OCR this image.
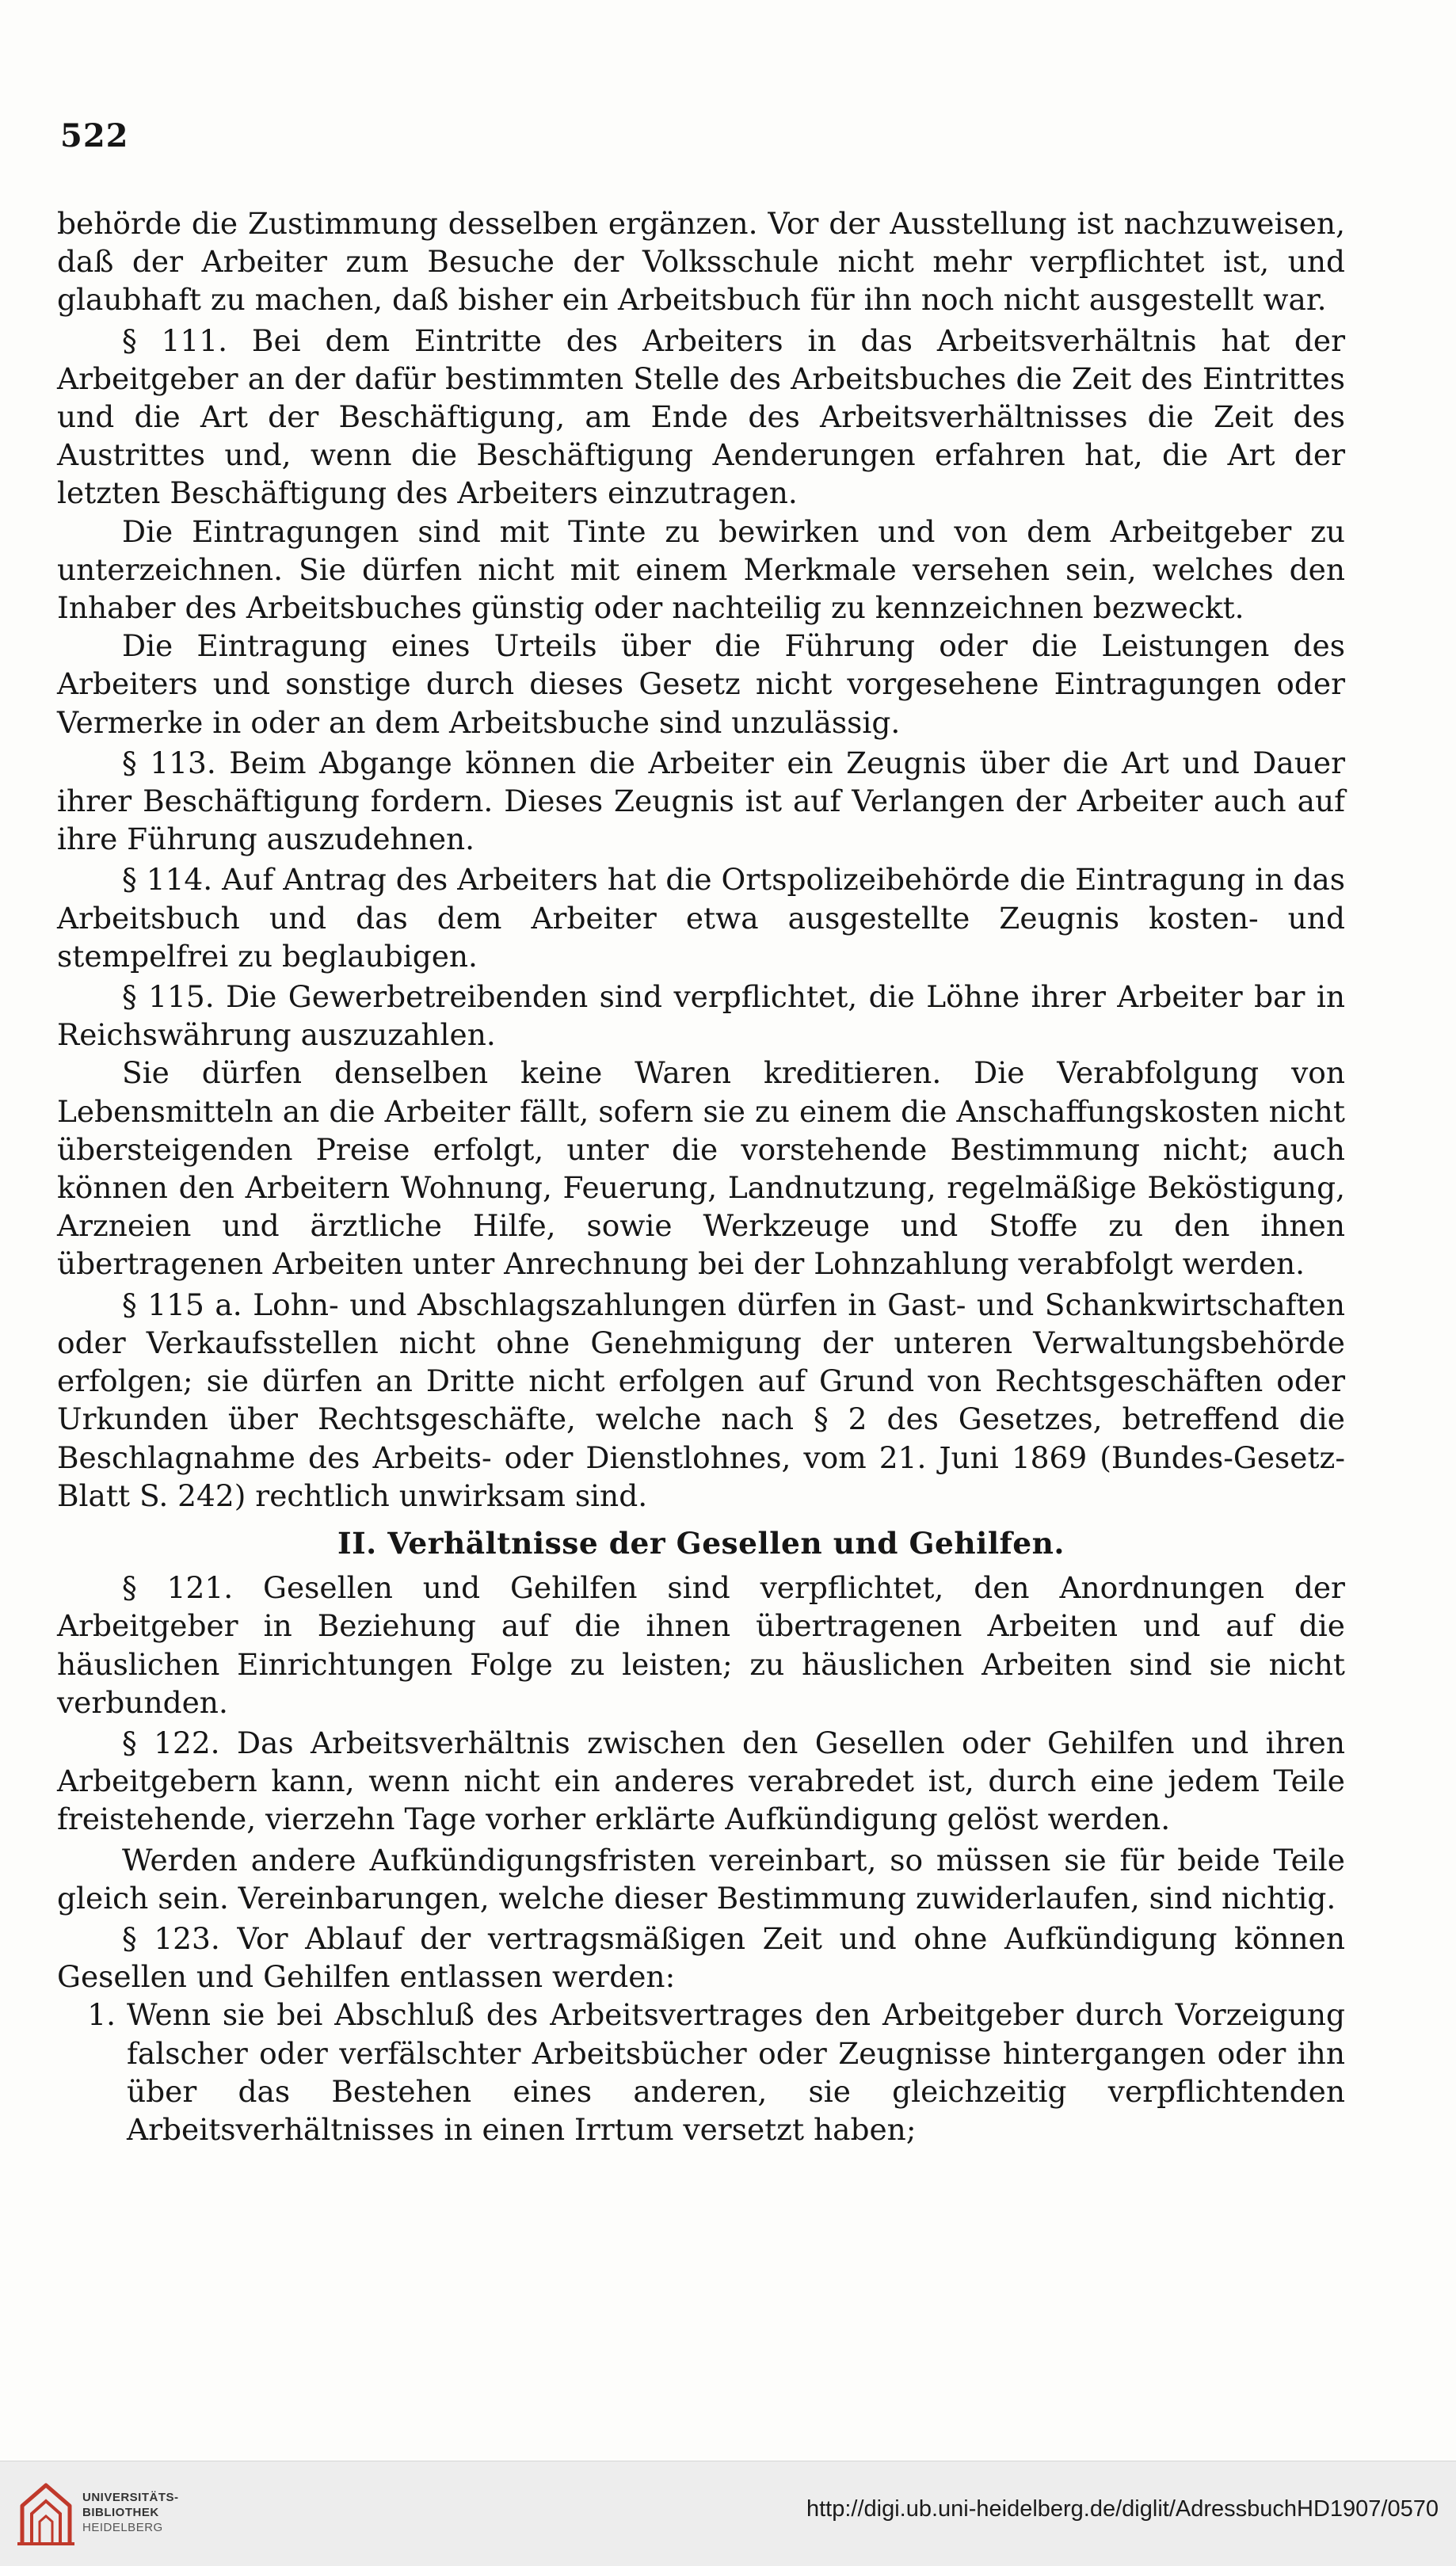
522

behörde die Zustimmung desselben ergänzen. Vor der Ausstellung ist nachzuweisen, daß der Arbeiter zum Besuche der Volksschule nicht mehr verpflichtet ist, und glaubhaft zu machen, daß bisher ein Arbeitsbuch für ihn noch nicht ausgestellt war.

§ 111. Bei dem Eintritte des Arbeiters in das Arbeitsverhältnis hat der Arbeitgeber an der dafür bestimmten Stelle des Arbeitsbuches die Zeit des Eintrittes und die Art der Beschäftigung, am Ende des Arbeitsverhältnisses die Zeit des Austrittes und, wenn die Beschäftigung Aenderungen erfahren hat, die Art der letzten Beschäftigung des Arbeiters einzutragen.

Die Eintragungen sind mit Tinte zu bewirken und von dem Arbeitgeber zu unterzeichnen. Sie dürfen nicht mit einem Merkmale versehen sein, welches den Inhaber des Arbeitsbuches günstig oder nachteilig zu kennzeichnen bezweckt.

Die Eintragung eines Urteils über die Führung oder die Leistungen des Arbeiters und sonstige durch dieses Gesetz nicht vorgesehene Eintragungen oder Vermerke in oder an dem Arbeitsbuche sind unzulässig.

§ 113. Beim Abgange können die Arbeiter ein Zeugnis über die Art und Dauer ihrer Beschäftigung fordern. Dieses Zeugnis ist auf Verlangen der Arbeiter auch auf ihre Führung auszudehnen.

§ 114. Auf Antrag des Arbeiters hat die Ortspolizeibehörde die Eintragung in das Arbeitsbuch und das dem Arbeiter etwa ausgestellte Zeugnis kosten- und stempelfrei zu beglaubigen.

§ 115. Die Gewerbetreibenden sind verpflichtet, die Löhne ihrer Arbeiter bar in Reichswährung auszuzahlen.

Sie dürfen denselben keine Waren kreditieren. Die Verabfolgung von Lebensmitteln an die Arbeiter fällt, sofern sie zu einem die Anschaffungskosten nicht übersteigenden Preise erfolgt, unter die vorstehende Bestimmung nicht; auch können den Arbeitern Wohnung, Feuerung, Landnutzung, regelmäßige Beköstigung, Arzneien und ärztliche Hilfe, sowie Werkzeuge und Stoffe zu den ihnen übertragenen Arbeiten unter Anrechnung bei der Lohnzahlung verabfolgt werden.

§ 115 a. Lohn- und Abschlagszahlungen dürfen in Gast- und Schankwirtschaften oder Verkaufsstellen nicht ohne Genehmigung der unteren Verwaltungsbehörde erfolgen; sie dürfen an Dritte nicht erfolgen auf Grund von Rechtsgeschäften oder Urkunden über Rechtsgeschäfte, welche nach § 2 des Gesetzes, betreffend die Beschlagnahme des Arbeits- oder Dienstlohnes, vom 21. Juni 1869 (Bundes-Gesetz-Blatt S. 242) rechtlich unwirksam sind.

II. Verhältnisse der Gesellen und Gehilfen.

§ 121. Gesellen und Gehilfen sind verpflichtet, den Anordnungen der Arbeitgeber in Beziehung auf die ihnen übertragenen Arbeiten und auf die häuslichen Einrichtungen Folge zu leisten; zu häuslichen Arbeiten sind sie nicht verbunden.

§ 122. Das Arbeitsverhältnis zwischen den Gesellen oder Gehilfen und ihren Arbeitgebern kann, wenn nicht ein anderes verabredet ist, durch eine jedem Teile freistehende, vierzehn Tage vorher erklärte Aufkündigung gelöst werden.

Werden andere Aufkündigungsfristen vereinbart, so müssen sie für beide Teile gleich sein. Vereinbarungen, welche dieser Bestimmung zuwiderlaufen, sind nichtig.

§ 123. Vor Ablauf der vertragsmäßigen Zeit und ohne Aufkündigung können Gesellen und Gehilfen entlassen werden:

1. Wenn sie bei Abschluß des Arbeitsvertrages den Arbeitgeber durch Vorzeigung falscher oder verfälschter Arbeitsbücher oder Zeugnisse hintergangen oder ihn über das Bestehen eines anderen, sie gleichzeitig verpflichtenden Arbeitsverhältnisses in einen Irrtum versetzt haben;
UNIVERSITÄTS-
BIBLIOTHEK
HEIDELBERG
http://digi.ub.uni-heidelberg.de/diglit/AdressbuchHD1907/0570
